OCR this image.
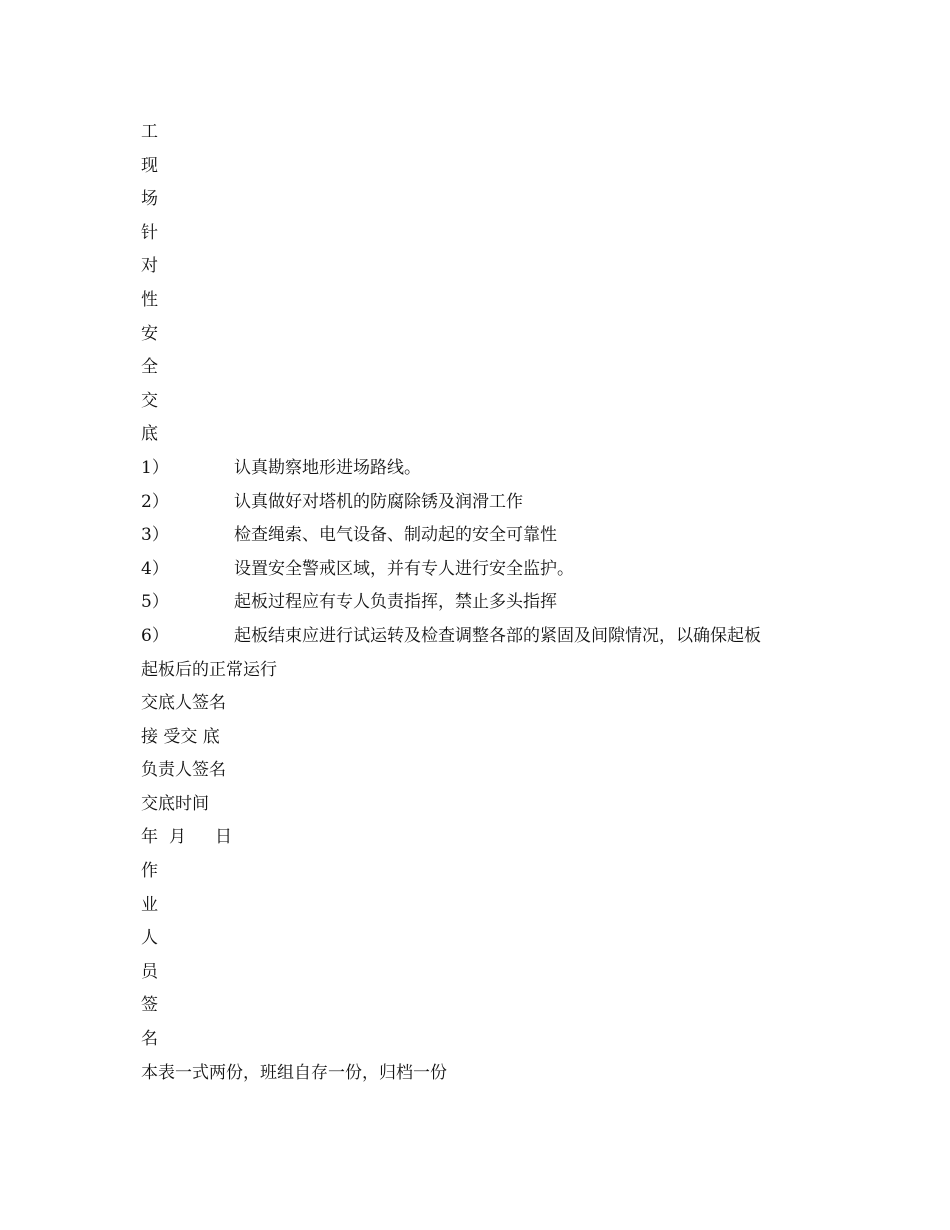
工
现
场
针
对
性
安
全
交
底
1）	认真勘察地形进场路线。
2）	认真做好对塔机的防腐除锈及润滑工作
3）	检查绳索、电气设备、制动起的安全可靠性
4）	设置安全警戒区域，并有专人进行安全监护。
5）	起板过程应有专人负责指挥，禁止多头指挥
6）	起板结束应进行试运转及检查调整各部的紧固及间隙情况，以确保起板
起板后的正常运行
交底人签名
接 受交 底
负责人签名
交底时间
年 月 日
作
业
人
员
签
名
本表一式两份，班组自存一份，归档一份
